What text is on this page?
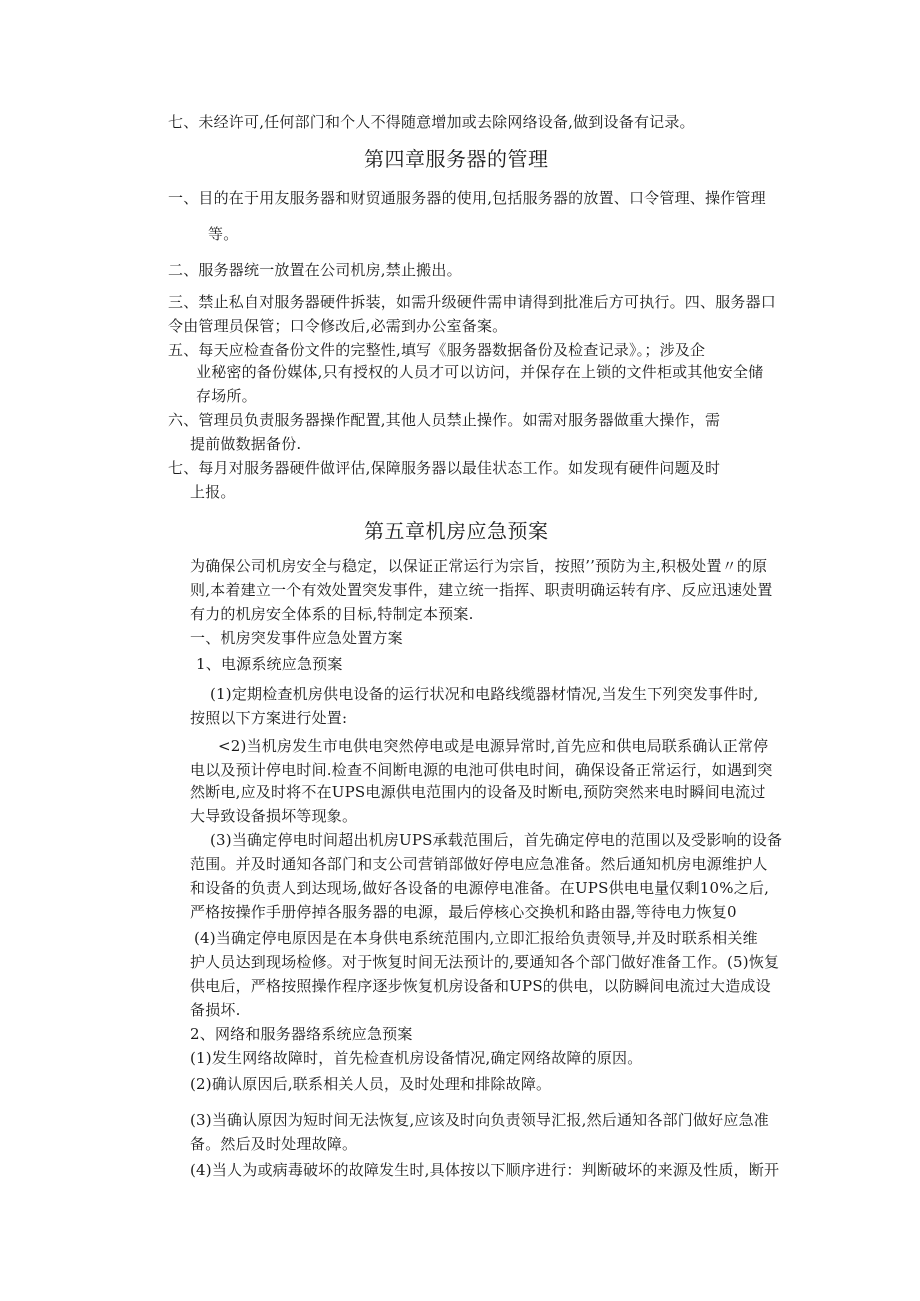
七、未经许可,任何部门和个人不得随意增加或去除网络设备,做到设备有记录。

第四章服务器的管理

一、目的在于用友服务器和财贸通服务器的使用,包括服务器的放置、口令管理、操作管理

等。

二、服务器统一放置在公司机房,禁止搬出。

三、禁止私自对服务器硬件拆装，如需升级硬件需申请得到批准后方可执行。四、服务器口

令由管理员保管；口令修改后,必需到办公室备案。

五、每天应检查备份文件的完整性,填写《服务器数据备份及检查记录》。；涉及企

业秘密的备份媒体,只有授权的人员才可以访问，并保存在上锁的文件柜或其他安全储

存场所。

六、管理员负责服务器操作配置,其他人员禁止操作。如需对服务器做重大操作，需

提前做数据备份.

七、每月对服务器硬件做评估,保障服务器以最佳状态工作。如发现有硬件问题及时

上报。

第五章机房应急预案

为确保公司机房安全与稳定，以保证正常运行为宗旨，按照’’预防为主,积极处置〃的原

则,本着建立一个有效处置突发事件，建立统一指挥、职责明确运转有序、反应迅速处置

有力的机房安全体系的目标,特制定本预案.

一、机房突发事件应急处置方案

1、电源系统应急预案

(1)定期检查机房供电设备的运行状况和电路线缆器材情况,当发生下列突发事件时,

按照以下方案进行处置:

<2)当机房发生市电供电突然停电或是电源异常时,首先应和供电局联系确认正常停

电以及预计停电时间.检查不间断电源的电池可供电时间，确保设备正常运行，如遇到突

然断电,应及时将不在UPS电源供电范围内的设备及时断电,预防突然来电时瞬间电流过

大导致设备损坏等现象。

(3)当确定停电时间超出机房UPS承载范围后，首先确定停电的范围以及受影响的设备

范围。并及时通知各部门和支公司营销部做好停电应急准备。然后通知机房电源维护人

和设备的负责人到达现场,做好各设备的电源停电准备。在UPS供电电量仅剩10%之后,

严格按操作手册停掉各服务器的电源，最后停核心交换机和路由器,等待电力恢复0

(4)当确定停电原因是在本身供电系统范围内,立即汇报给负责领导,并及时联系相关维

护人员达到现场检修。对于恢复时间无法预计的,要通知各个部门做好准备工作。(5)恢复

供电后，严格按照操作程序逐步恢复机房设备和UPS的供电，以防瞬间电流过大造成设

备损坏.

2、网络和服务器络系统应急预案

(1)发生网络故障时，首先检查机房设备情况,确定网络故障的原因。

(2)确认原因后,联系相关人员，及时处理和排除故障。

(3)当确认原因为短时间无法恢复,应该及时向负责领导汇报,然后通知各部门做好应急准

备。然后及时处理故障。

(4)当人为或病毒破坏的故障发生时,具体按以下顺序进行：判断破坏的来源及性质，断开
